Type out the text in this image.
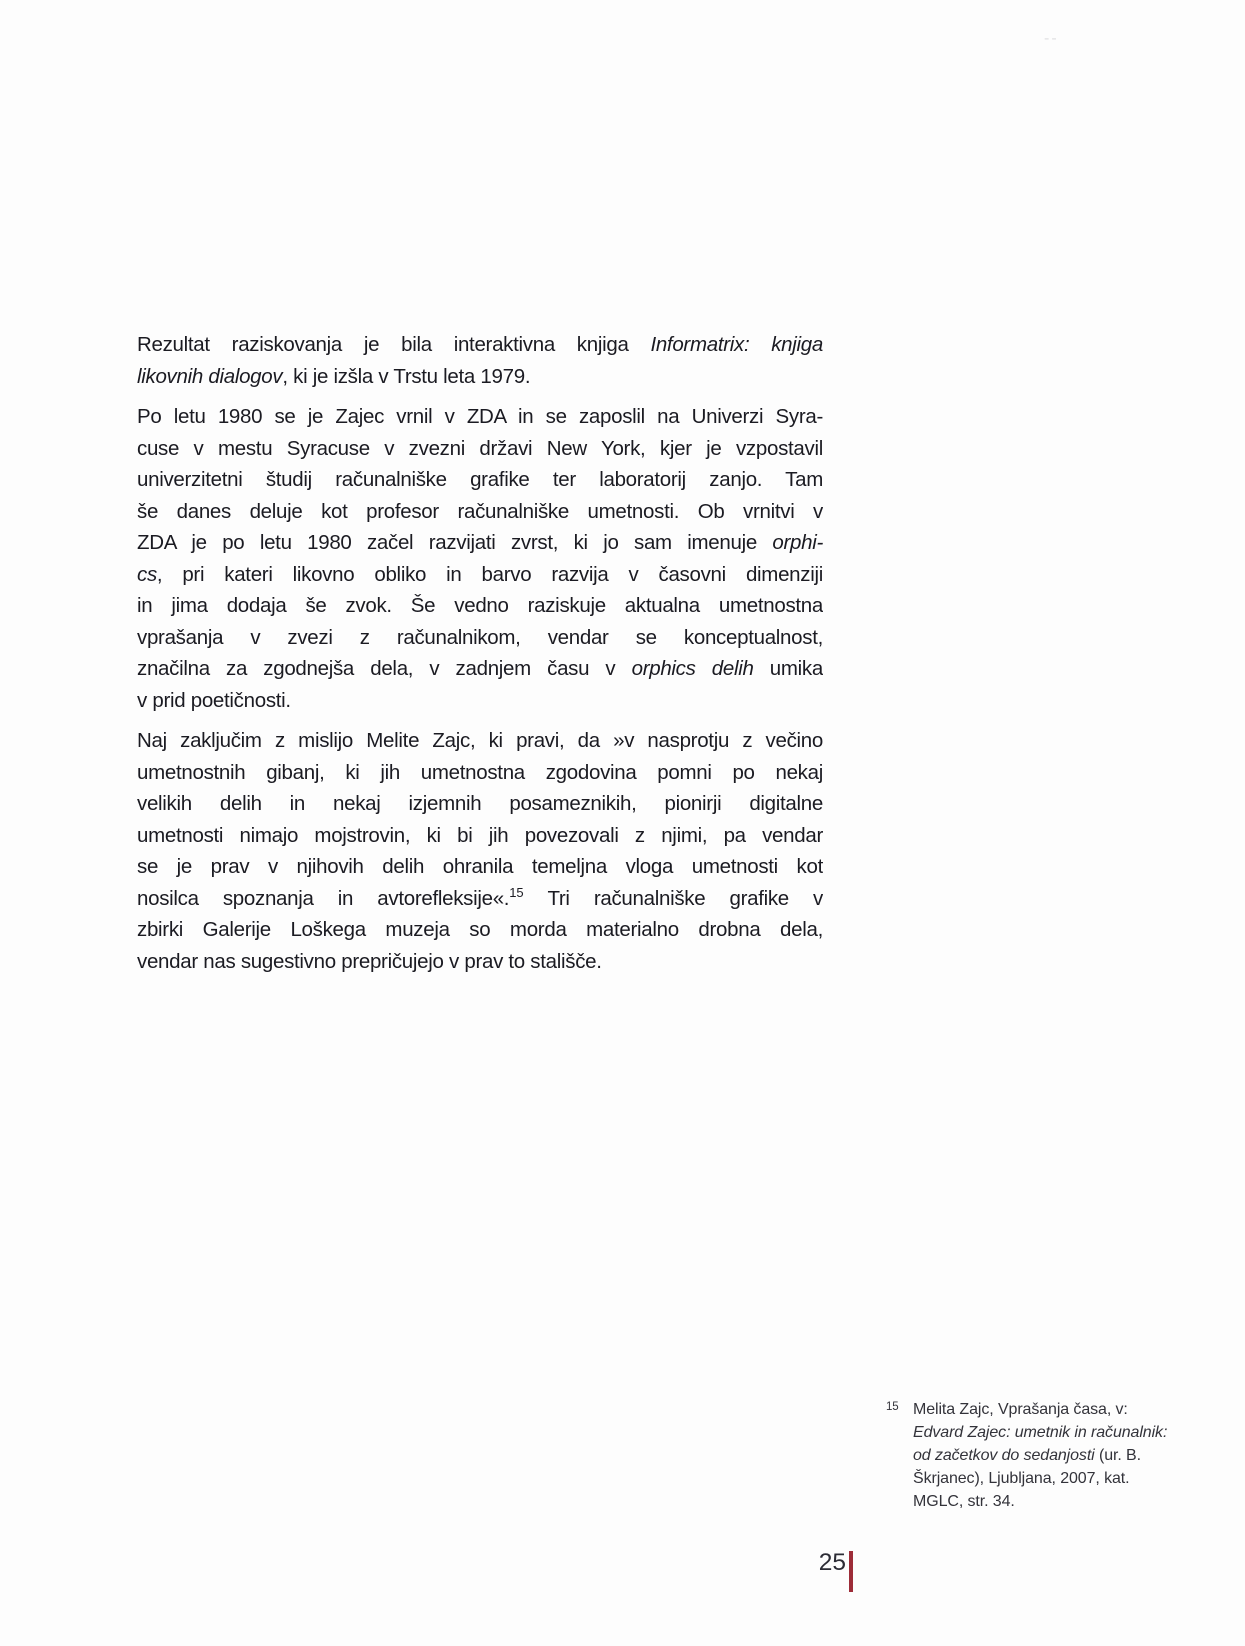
--
Rezultat raziskovanja je bila interaktivna knjiga Informatrix: knjiga
likovnih dialogov, ki je izšla v Trstu leta 1979.
Po letu 1980 se je Zajec vrnil v ZDA in se zaposlil na Univerzi Syra-
cuse v mestu Syracuse v zvezni državi New York, kjer je vzpostavil
univerzitetni študij računalniške grafike ter laboratorij zanjo. Tam
še danes deluje kot profesor računalniške umetnosti. Ob vrnitvi v
ZDA je po letu 1980 začel razvijati zvrst, ki jo sam imenuje orphi-
cs, pri kateri likovno obliko in barvo razvija v časovni dimenziji
in jima dodaja še zvok. Še vedno raziskuje aktualna umetnostna
vprašanja v zvezi z računalnikom, vendar se konceptualnost,
značilna za zgodnejša dela, v zadnjem času v orphics delih umika
v prid poetičnosti.
Naj zaključim z mislijo Melite Zajc, ki pravi, da »v nasprotju z večino
umetnostnih gibanj, ki jih umetnostna zgodovina pomni po nekaj
velikih delih in nekaj izjemnih posameznikih, pionirji digitalne
umetnosti nimajo mojstrovin, ki bi jih povezovali z njimi, pa vendar
se je prav v njihovih delih ohranila temeljna vloga umetnosti kot
nosilca spoznanja in avtorefleksije«.$^{15}$ Tri računalniške grafike v
zbirki Galerije Loškega muzeja so morda materialno drobna dela,
vendar nas sugestivno prepričujejo v prav to stališče.
15 Melita Zajc, Vprašanja časa, v:
Edvard Zajec: umetnik in računalnik:
od začetkov do sedanjosti (ur. B.
Škrjanec), Ljubljana, 2007, kat.
MGLC, str. 34.
25
